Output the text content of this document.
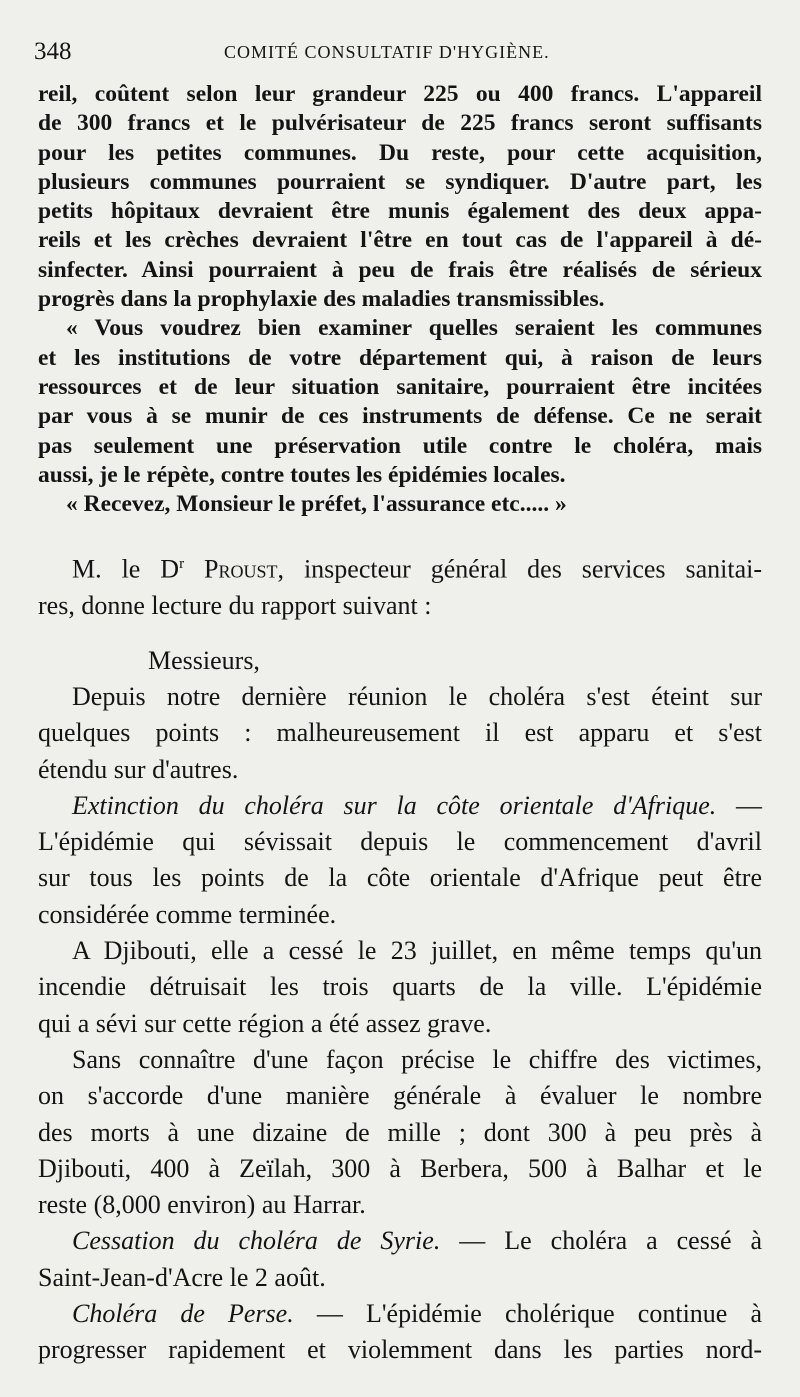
348	COMITÉ CONSULTATIF D'HYGIÈNE.
reil, coûtent selon leur grandeur 225 ou 400 francs. L'appareil
de 300 francs et le pulvérisateur de 225 francs seront suffisants
pour les petites communes. Du reste, pour cette acquisition,
plusieurs communes pourraient se syndiquer. D'autre part, les
petits hôpitaux devraient être munis également des deux appa-
reils et les crèches devraient l'être en tout cas de l'appareil à dé-
sinfecter. Ainsi pourraient à peu de frais être réalisés de sérieux
progrès dans la prophylaxie des maladies transmissibles.
« Vous voudrez bien examiner quelles seraient les communes
et les institutions de votre département qui, à raison de leurs
ressources et de leur situation sanitaire, pourraient être incitées
par vous à se munir de ces instruments de défense. Ce ne serait
pas seulement une préservation utile contre le choléra, mais
aussi, je le répète, contre toutes les épidémies locales.
« Recevez, Monsieur le préfet, l'assurance etc..... »
M. le $D^r$ Proust, inspecteur général des services sanitai-
res, donne lecture du rapport suivant :
Messieurs,
Depuis notre dernière réunion le choléra s'est éteint sur
quelques points : malheureusement il est apparu et s'est
étendu sur d'autres.
Extinction du choléra sur la côte orientale d'Afrique. —
L'épidémie qui sévissait depuis le commencement d'avril
sur tous les points de la côte orientale d'Afrique peut être
considérée comme terminée.
A Djibouti, elle a cessé le 23 juillet, en même temps qu'un
incendie détruisait les trois quarts de la ville. L'épidémie
qui a sévi sur cette région a été assez grave.
Sans connaître d'une façon précise le chiffre des victimes,
on s'accorde d'une manière générale à évaluer le nombre
des morts à une dizaine de mille ; dont 300 à peu près à
Djibouti, 400 à Zeïlah, 300 à Berbera, 500 à Balhar et le
reste (8,000 environ) au Harrar.
Cessation du choléra de Syrie. — Le choléra a cessé à
Saint-Jean-d'Acre le 2 août.
Choléra de Perse. — L'épidémie cholérique continue à
progresser rapidement et violemment dans les parties nord-
